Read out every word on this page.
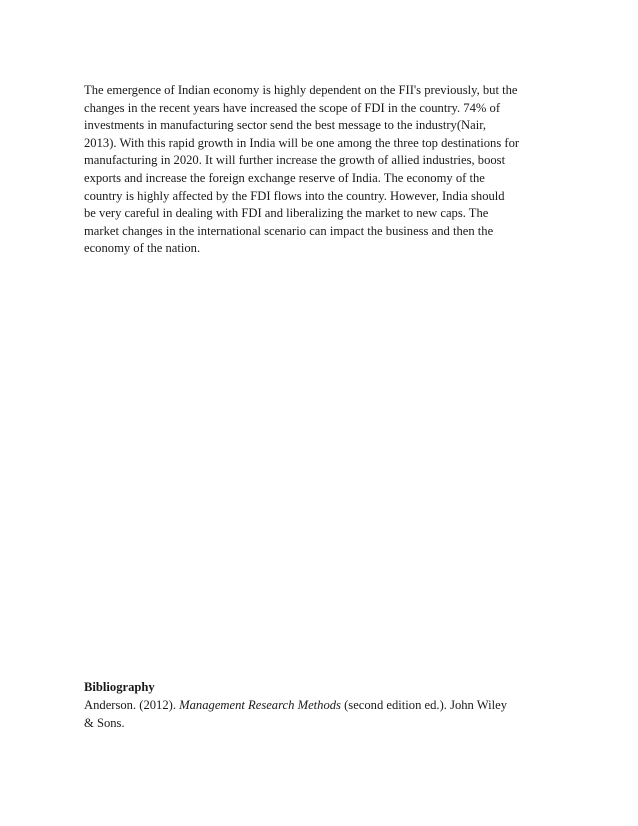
The emergence of Indian economy is highly dependent on the FII's previously, but the
changes in the recent years have increased the scope of FDI in the country. 74% of
investments in manufacturing sector send the best message to the industry(Nair,
2013). With this rapid growth in India will be one among the three top destinations for
manufacturing in 2020. It will further increase the growth of allied industries, boost
exports and increase the foreign exchange reserve of India. The economy of the
country is highly affected by the FDI flows into the country. However, India should
be very careful in dealing with FDI and liberalizing the market to new caps. The
market changes in the international scenario can impact the business and then the
economy of the nation.

Bibliography
Anderson. (2012). Management Research Methods (second edition ed.). John Wiley
& Sons.
